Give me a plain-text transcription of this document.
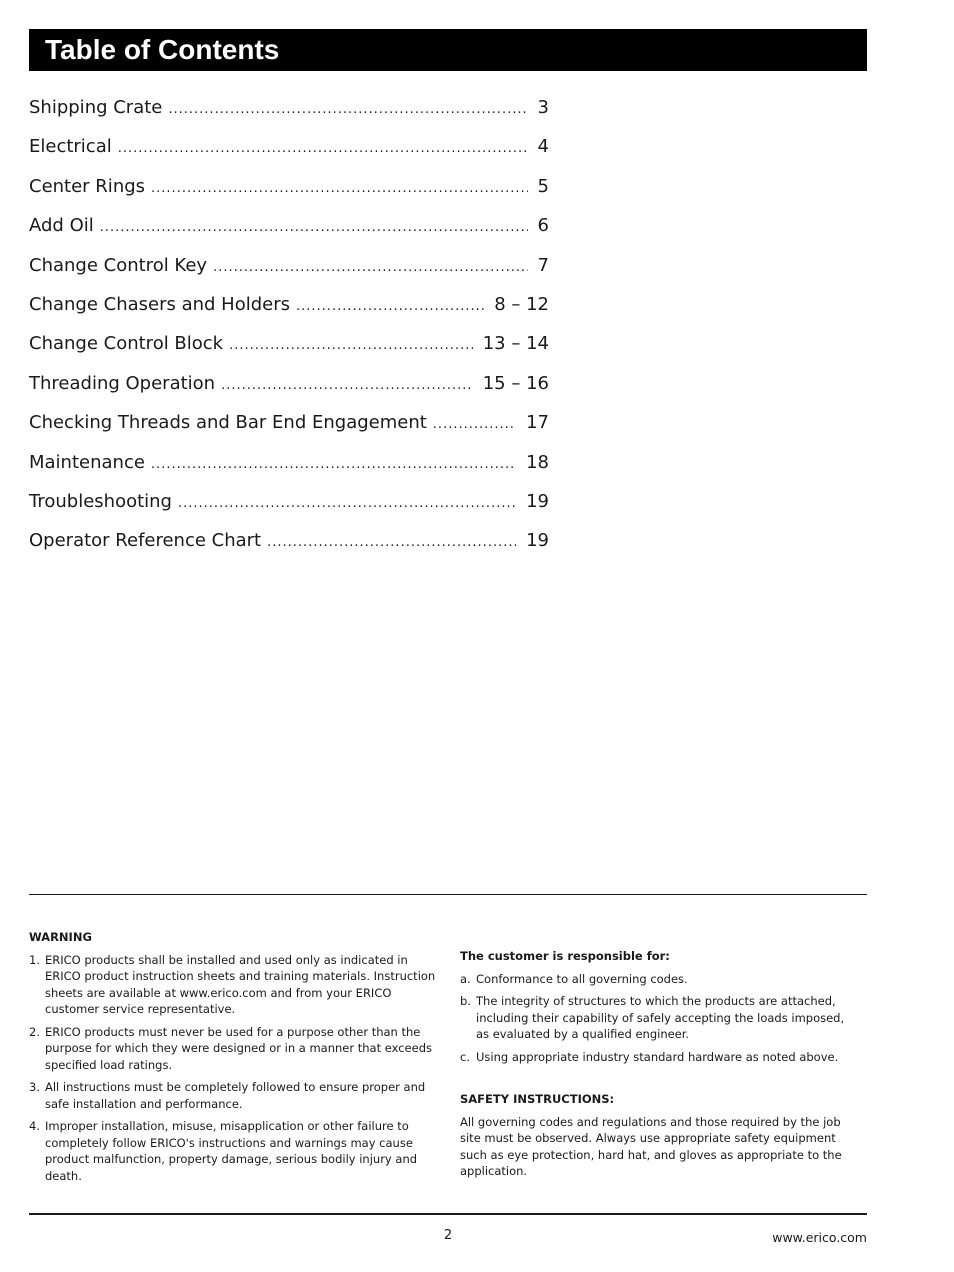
Table of Contents
Shipping Crate .....	3
Electrical .....	4
Center Rings .....	5
Add Oil .....	6
Change Control Key .....	7
Change Chasers and Holders .....	8 – 12
Change Control Block .....	13 – 14
Threading Operation .....	15 – 16
Checking Threads and Bar End Engagement .....	17
Maintenance .....	18
Troubleshooting .....	19
Operator Reference Chart .....	19
WARNING
1. ERICO products shall be installed and used only as indicated in ERICO product instruction sheets and training materials. Instruction sheets are available at www.erico.com and from your ERICO customer service representative.
2. ERICO products must never be used for a purpose other than the purpose for which they were designed or in a manner that exceeds specified load ratings.
3. All instructions must be completely followed to ensure proper and safe installation and performance.
4. Improper installation, misuse, misapplication or other failure to completely follow ERICO's instructions and warnings may cause product malfunction, property damage, serious bodily injury and death.
The customer is responsible for:
a. Conformance to all governing codes.
b. The integrity of structures to which the products are attached, including their capability of safely accepting the loads imposed, as evaluated by a qualified engineer.
c. Using appropriate industry standard hardware as noted above.
SAFETY INSTRUCTIONS:
All governing codes and regulations and those required by the job site must be observed. Always use appropriate safety equipment such as eye protection, hard hat, and gloves as appropriate to the application.
2	www.erico.com
